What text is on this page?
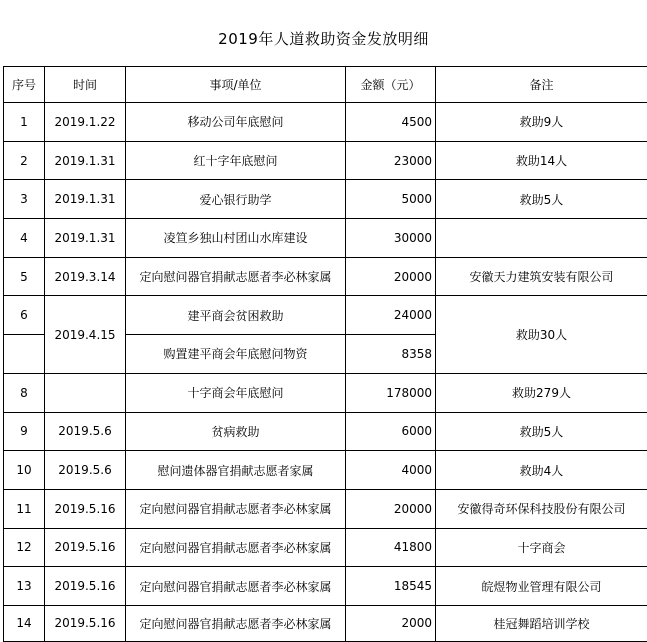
2019年人道救助资金发放明细
序号	时间	事项/单位	金额（元）	备注
1	2019.1.22	移动公司年底慰问	4500	救助9人
2	2019.1.31	红十字年底慰问	23000	救助14人
3	2019.1.31	爱心银行助学	5000	救助5人
4	2019.1.31	凌笪乡独山村团山水库建设	30000	
5	2019.3.14	定向慰问器官捐献志愿者李必林家属	20000	安徽天力建筑安装有限公司
6	2019.4.15	建平商会贫困救助	24000	救助30人
		购置建平商会年底慰问物资	8358	
8		十字商会年底慰问	178000	救助279人
9	2019.5.6	贫病救助	6000	救助5人
10	2019.5.6	慰问遗体器官捐献志愿者家属	4000	救助4人
11	2019.5.16	定向慰问器官捐献志愿者李必林家属	20000	安徽得奇环保科技股份有限公司
12	2019.5.16	定向慰问器官捐献志愿者李必林家属	41800	十字商会
13	2019.5.16	定向慰问器官捐献志愿者李必林家属	18545	皖煜物业管理有限公司
14	2019.5.16	定向慰问器官捐献志愿者李必林家属	2000	桂冠舞蹈培训学校
